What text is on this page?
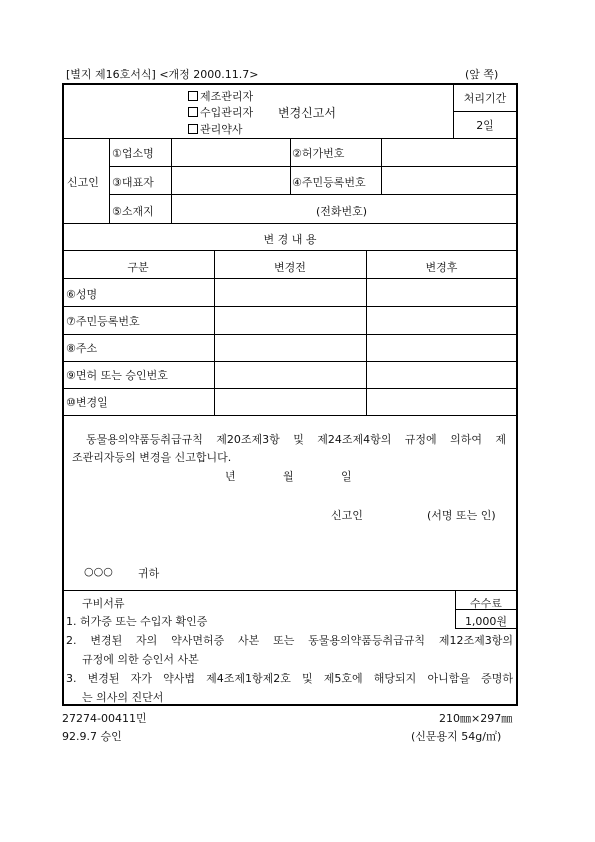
[별지 제16호서식] <개정 2000.11.7>	(앞 쪽)
제조관리자
수입관리자
관리약사
변경신고서
처리기간
2일
신고인
①업소명	②허가번호
③대표자	④주민등록번호
⑤소재지	(전화번호)
변 경 내 용
구분	변경전	변경후
⑥성명
⑦주민등록번호
⑧주소
⑨면허 또는 승인번호
⑩변경일
동물용의약품등취급규칙 제20조제3항 및 제24조제4항의 규정에 의하여 제
조관리자등의 변경을 신고합니다.
년	월	일
신고인	(서명 또는 인)
○○○ 귀하
구비서류	수수료
1,000원
1. 허가증 또는 수입자 확인증
2. 변경된 자의 약사면허증 사본 또는 동물용의약품등취급규칙 제12조제3항의
규정에 의한 승인서 사본
3. 변경된 자가 약사법 제4조제1항제2호 및 제5호에 해당되지 아니함을 증명하
는 의사의 진단서
27274-00411민	210㎜×297㎜
92.9.7 승인	(신문용지 54g/㎡)
